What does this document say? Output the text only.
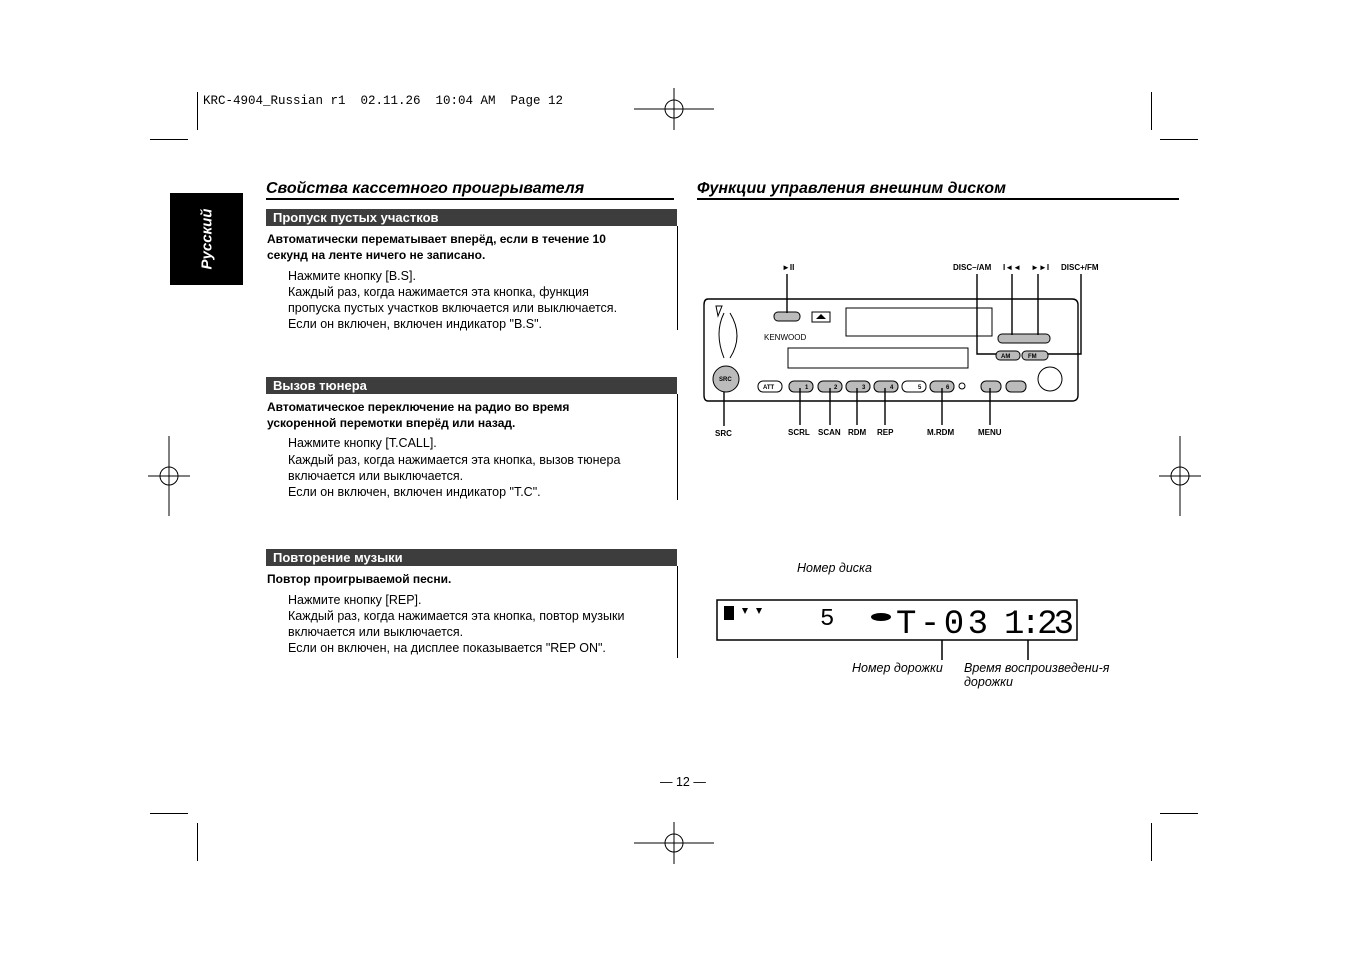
KRC-4904_Russian r1  02.11.26  10:04 AM  Page 12
Русский
Свойства кассетного проигрывателя
Пропуск пустых участков
Автоматически перематывает вперёд, если в течение 10 секунд на ленте ничего не записано.
Нажмите кнопку [B.S].
Каждый раз, когда нажимается эта кнопка, функция
пропуска пустых участков включается или выключается.
Если он включен, включен индикатор "B.S".
Вызов тюнера
Автоматическое переключение на радио во время ускоренной перемотки вперёд или назад.
Нажмите кнопку [T.CALL].
Каждый раз, когда нажимается эта кнопка, вызов тюнера
включается или выключается.
Если он включен, включен индикатор "T.C".
Повторение музыки
Повтор проигрываемой песни.
Нажмите кнопку [REP].
Каждый раз, когда нажимается эта кнопка, повтор музыки
включается или выключается.
Если он включен, на дисплее показывается "REP ON".
Функции управления внешним диском
►II	DISC–/AM I◄◄ ►►I DISC+/FM
SRC	SCRL SCAN RDM REP	M.RDM	MENU
KENWOOD
AM	FM
SRC
ATT	1	2	3	4	5	6
Номер диска
5 T-03 1:23
Номер дорожки Время воспроизведени-я
дорожки
— 12 —
